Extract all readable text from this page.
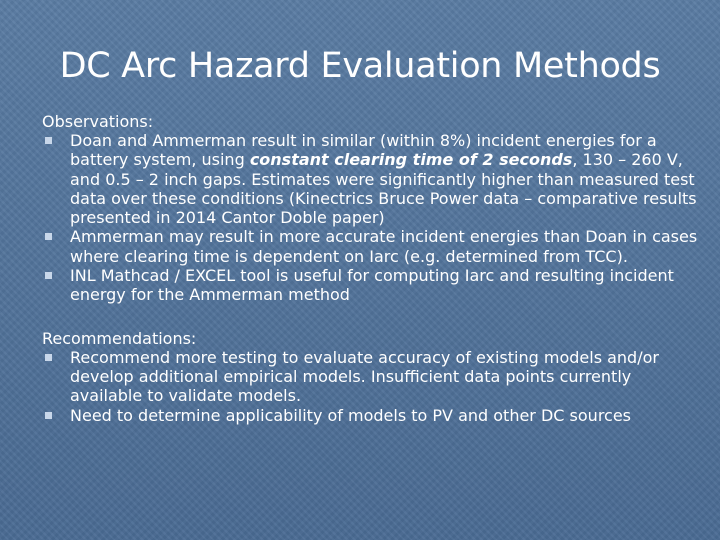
DC Arc Hazard Evaluation Methods
Observations:
Doan and Ammerman result in similar (within 8%) incident energies for a battery system, using constant clearing time of 2 seconds, 130 – 260 V, and 0.5 – 2 inch gaps. Estimates were significantly higher than measured test data over these conditions (Kinectrics Bruce Power data – comparative results presented in 2014 Cantor Doble paper)
Ammerman may result in more accurate incident energies than Doan in cases where clearing time is dependent on Iarc (e.g. determined from TCC).
INL Mathcad / EXCEL tool is useful for computing Iarc and resulting incident energy for the Ammerman method
Recommendations:
Recommend more testing to evaluate accuracy of existing models and/or develop additional empirical models. Insufficient data points currently available to validate models.
Need to determine applicability of models to PV and other DC sources
